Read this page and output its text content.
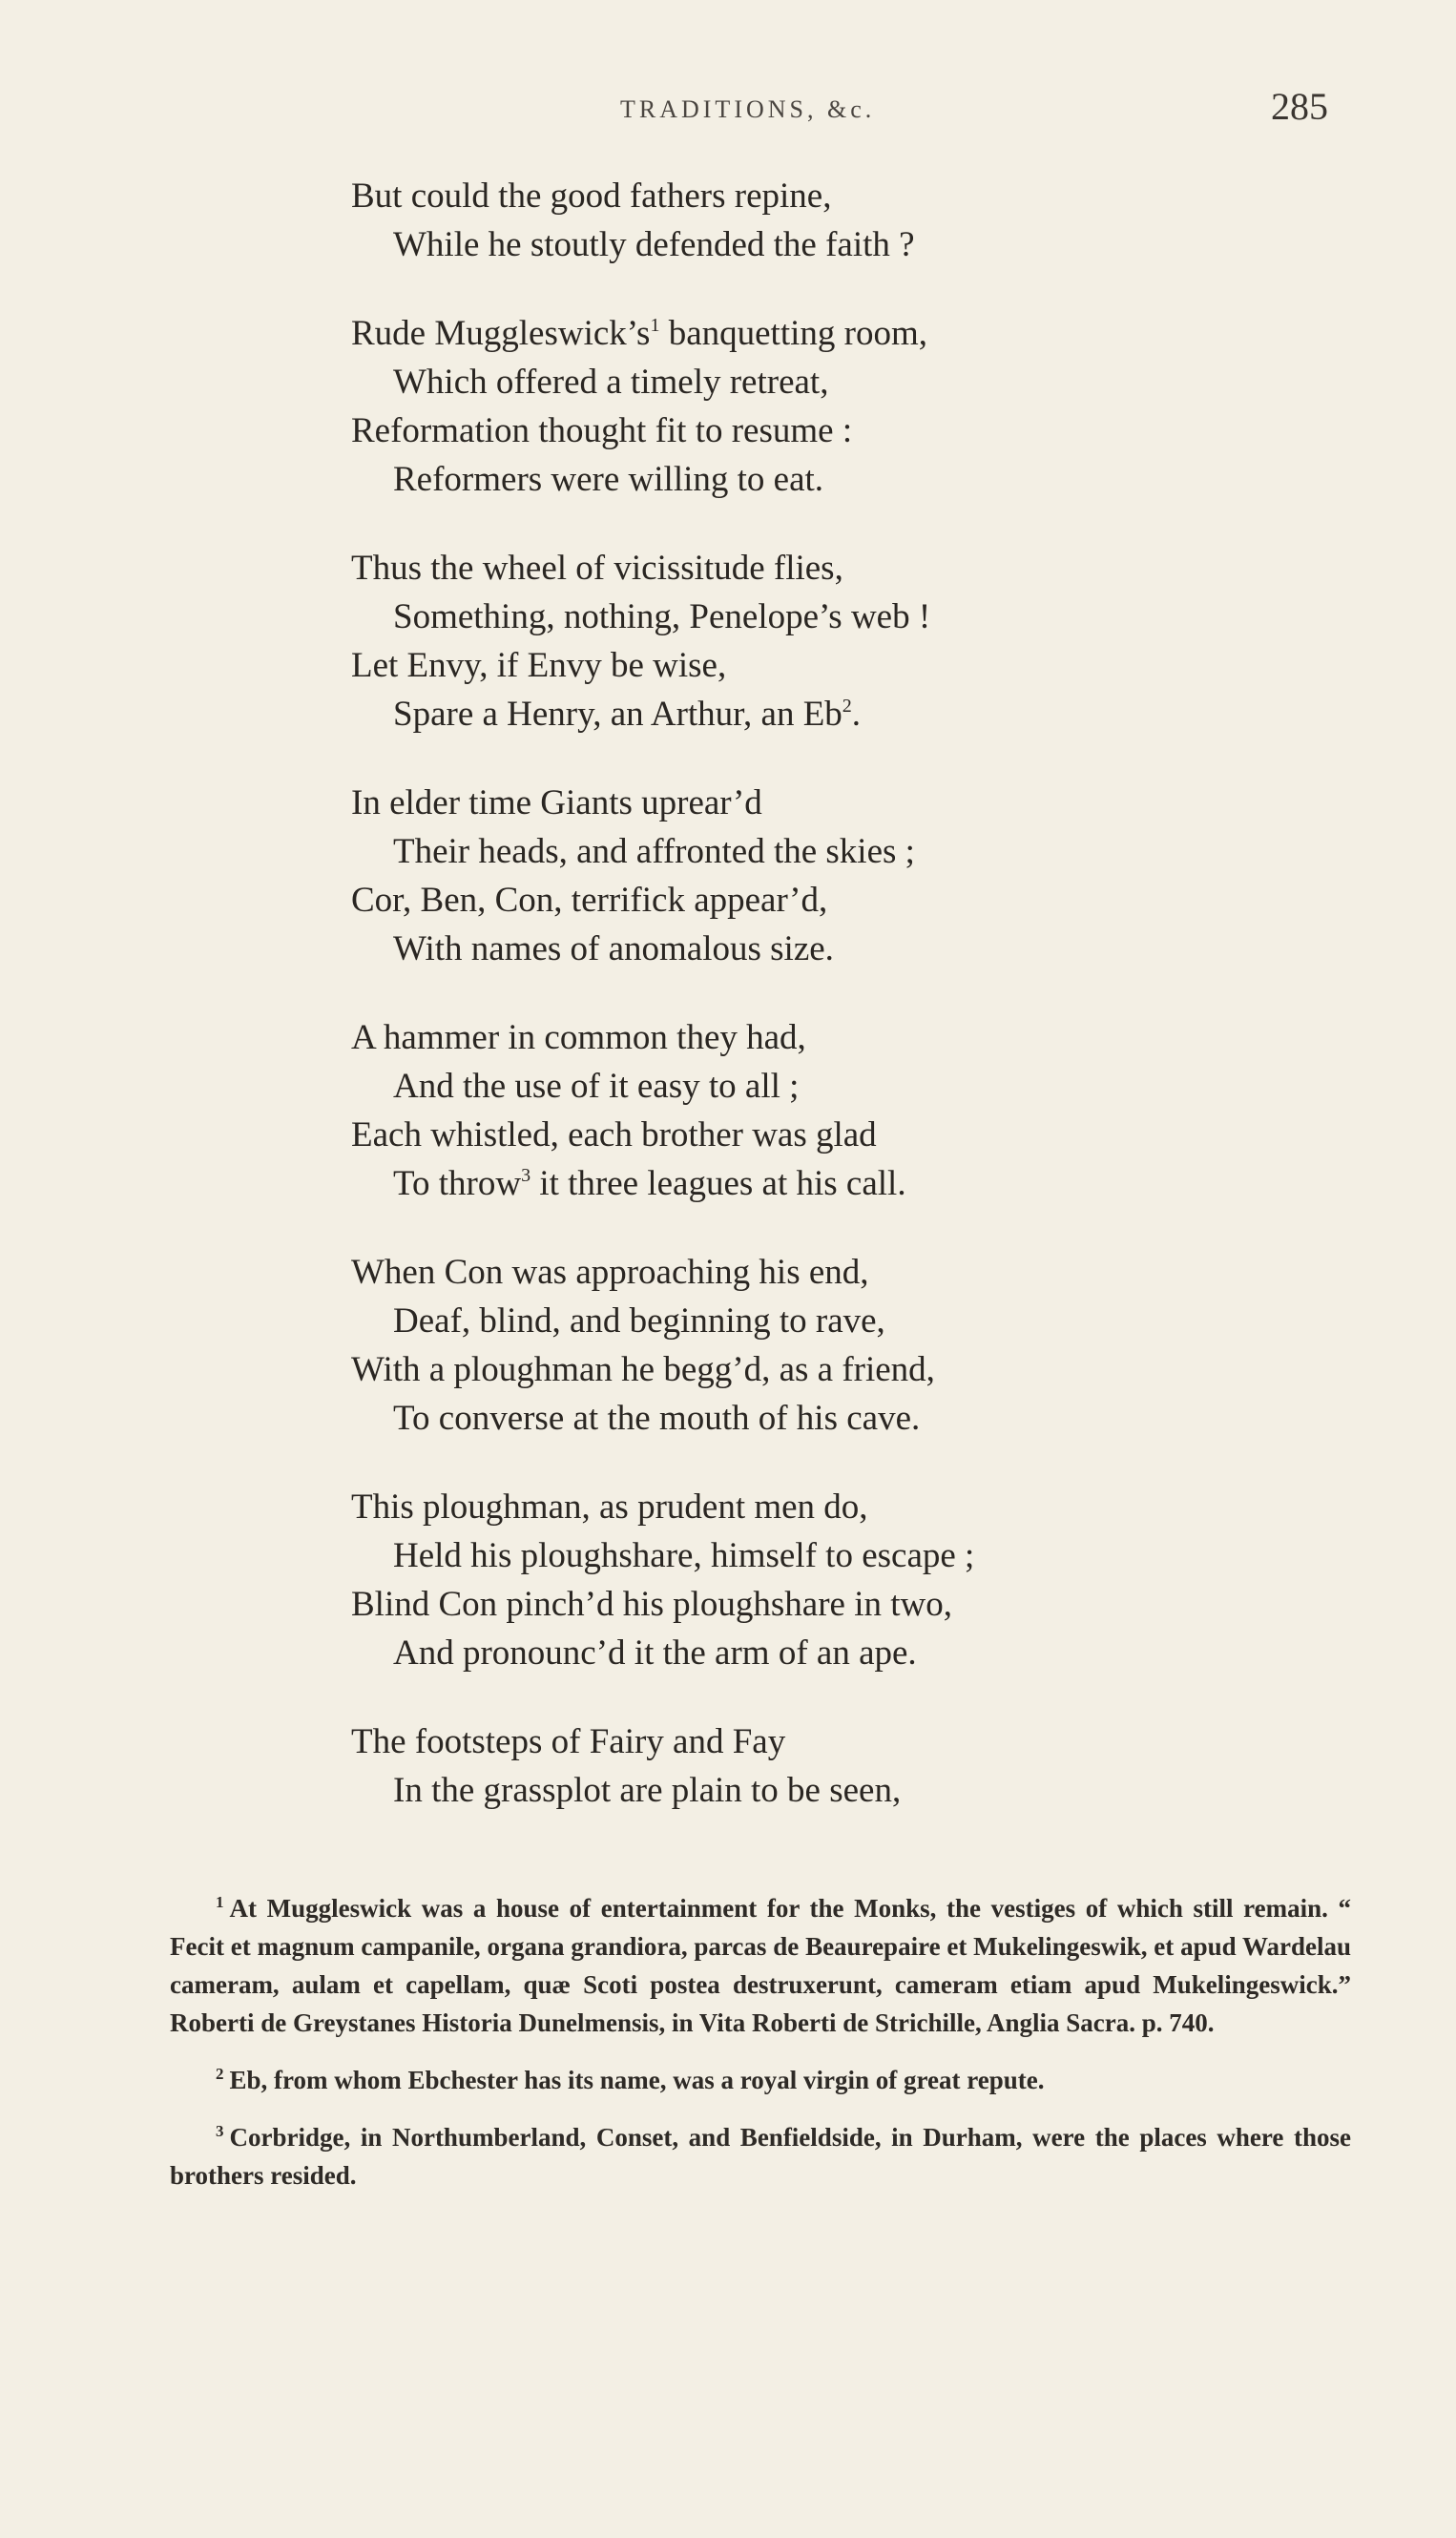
TRADITIONS, &c.	285
But could the good fathers repine,
While he stoutly defended the faith ?
Rude $Muggleswick’s^1$ banquetting room,
Which offered a timely retreat,
Reformation thought fit to resume :
Reformers were willing to eat.
Thus the wheel of vicissitude flies,
Something, nothing, Penelope’s web !
Let Envy, if Envy be wise,
Spare a Henry, an Arthur, an Eb$^2$.
In elder time Giants uprear’d
Their heads, and affronted the skies ;
Cor, Ben, Con, terrifick appear’d,
With names of anomalous size.
A hammer in common they had,
And the use of it easy to all ;
Each whistled, each brother was glad
To throw$^3$ it three leagues at his call.
When Con was approaching his end,
Deaf, blind, and beginning to rave,
With a ploughman he begg’d, as a friend,
To converse at the mouth of his cave.
This ploughman, as prudent men do,
Held his ploughshare, himself to escape ;
Blind Con pinch’d his ploughshare in two,
And pronounc’d it the arm of an ape.
The footsteps of Fairy and Fay
In the grassplot are plain to be seen,
$^1$ At Muggleswick was a house of entertainment for the Monks, the vestiges of which still remain. “ Fecit et magnum campanile, organa grandiora, parcas de Beaurepaire et Mukelingeswik, et apud Wardelau cameram, aulam et capellam, quæ Scoti postea destruxerunt, cameram etiam apud Mukelingeswick.” Roberti de Greystanes Historia Dunelmensis, in Vita Roberti de Strichille, Anglia Sacra. p. 740.
$^2$ Eb, from whom Ebchester has its name, was a royal virgin of great repute.
$^3$ Corbridge, in Northumberland, Conset, and Benfieldside, in Durham, were the places where those brothers resided.
